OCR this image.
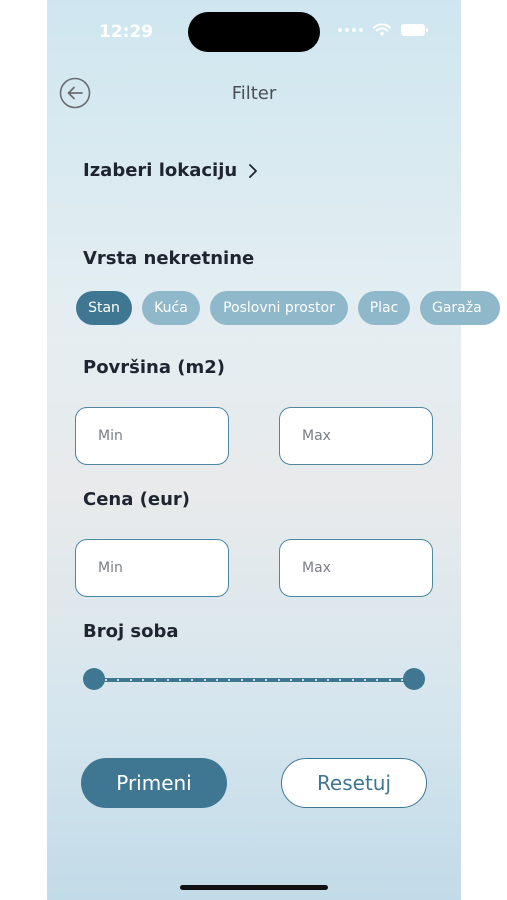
12:29
Filter
Izaberi lokaciju
Vrsta nekretnine
Stan	Kuća	Poslovni prostor	Plac	Garaža
Površina (m2)
Min
Max
Cena (eur)
Min
Max
Broj soba
Primeni	Resetuj
